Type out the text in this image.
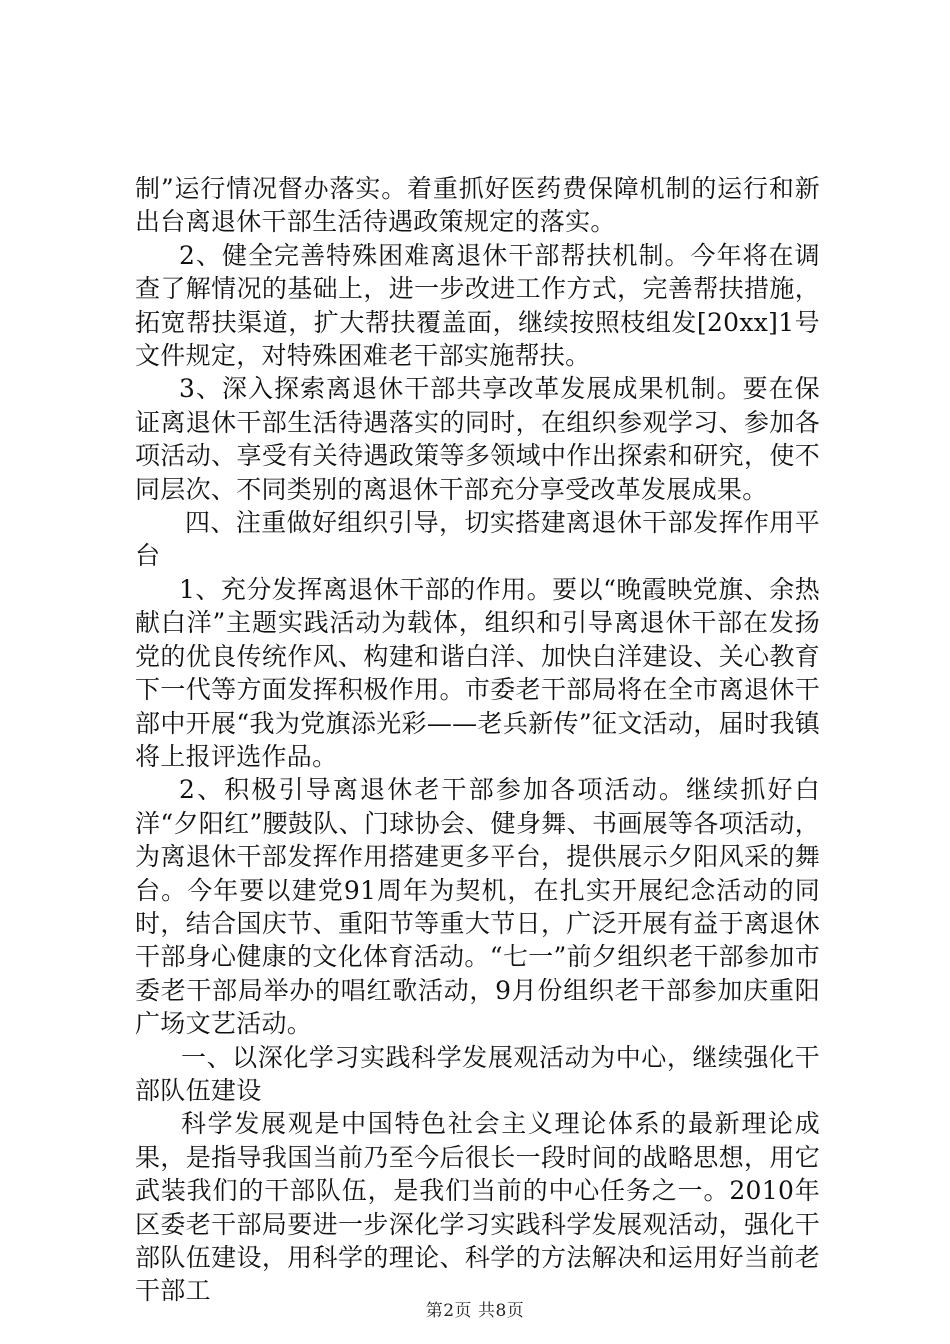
制”运行情况督办落实。着重抓好医药费保障机制的运行和新出台离退休干部生活待遇政策规定的落实。

2、健全完善特殊困难离退休干部帮扶机制。今年将在调查了解情况的基础上，进一步改进工作方式，完善帮扶措施，拓宽帮扶渠道，扩大帮扶覆盖面，继续按照枝组发[20xx]1号文件规定，对特殊困难老干部实施帮扶。

3、深入探索离退休干部共享改革发展成果机制。要在保证离退休干部生活待遇落实的同时，在组织参观学习、参加各项活动、享受有关待遇政策等多领域中作出探索和研究，使不同层次、不同类别的离退休干部充分享受改革发展成果。

四、注重做好组织引导，切实搭建离退休干部发挥作用平台

1、充分发挥离退休干部的作用。要以“晚霞映党旗、余热献白洋”主题实践活动为载体，组织和引导离退休干部在发扬党的优良传统作风、构建和谐白洋、加快白洋建设、关心教育下一代等方面发挥积极作用。市委老干部局将在全市离退休干部中开展“我为党旗添光彩——老兵新传”征文活动，届时我镇将上报评选作品。

2、积极引导离退休老干部参加各项活动。继续抓好白洋“夕阳红”腰鼓队、门球协会、健身舞、书画展等各项活动，为离退休干部发挥作用搭建更多平台，提供展示夕阳风采的舞台。今年要以建党91周年为契机，在扎实开展纪念活动的同时，结合国庆节、重阳节等重大节日，广泛开展有益于离退休干部身心健康的文化体育活动。“七一”前夕组织老干部参加市委老干部局举办的唱红歌活动，9月份组织老干部参加庆重阳广场文艺活动。

一、以深化学习实践科学发展观活动为中心，继续强化干部队伍建设

科学发展观是中国特色社会主义理论体系的最新理论成果，是指导我国当前乃至今后很长一段时间的战略思想，用它武装我们的干部队伍，是我们当前的中心任务之一。2010年区委老干部局要进一步深化学习实践科学发展观活动，强化干部队伍建设，用科学的理论、科学的方法解决和运用好当前老干部工

第2页 共8页
